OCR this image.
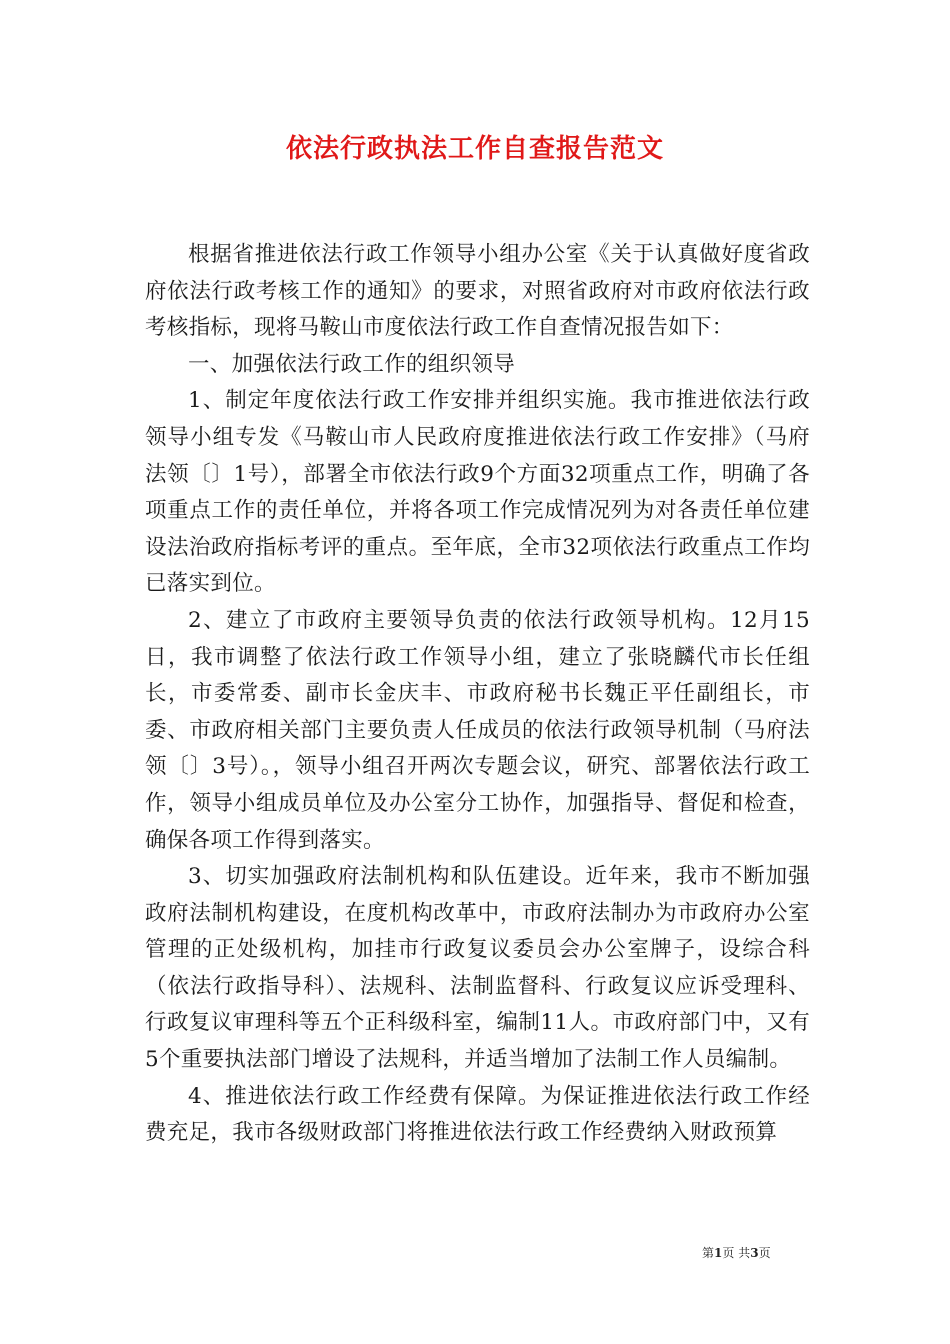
依法行政执法工作自查报告范文

根据省推进依法行政工作领导小组办公室《关于认真做好度省政府依法行政考核工作的通知》的要求，对照省政府对市政府依法行政考核指标，现将马鞍山市度依法行政工作自查情况报告如下：

一、加强依法行政工作的组织领导

1、制定年度依法行政工作安排并组织实施。我市推进依法行政领导小组专发《马鞍山市人民政府度推进依法行政工作安排》（马府法领〔〕1号），部署全市依法行政9个方面32项重点工作，明确了各项重点工作的责任单位，并将各项工作完成情况列为对各责任单位建设法治政府指标考评的重点。至年底，全市32项依法行政重点工作均已落实到位。

2、建立了市政府主要领导负责的依法行政领导机构。12月15日，我市调整了依法行政工作领导小组，建立了张晓麟代市长任组长，市委常委、副市长金庆丰、市政府秘书长魏正平任副组长，市委、市政府相关部门主要负责人任成员的依法行政领导机制（马府法领〔〕3号）。，领导小组召开两次专题会议，研究、部署依法行政工作，领导小组成员单位及办公室分工协作，加强指导、督促和检查，确保各项工作得到落实。

3、切实加强政府法制机构和队伍建设。近年来，我市不断加强政府法制机构建设，在度机构改革中，市政府法制办为市政府办公室管理的正处级机构，加挂市行政复议委员会办公室牌子，设综合科（依法行政指导科）、法规科、法制监督科、行政复议应诉受理科、行政复议审理科等五个正科级科室，编制11人。市政府部门中，又有5个重要执法部门增设了法规科，并适当增加了法制工作人员编制。

4、推进依法行政工作经费有保障。为保证推进依法行政工作经费充足，我市各级财政部门将推进依法行政工作经费纳入财政预算

第1页 共3页
